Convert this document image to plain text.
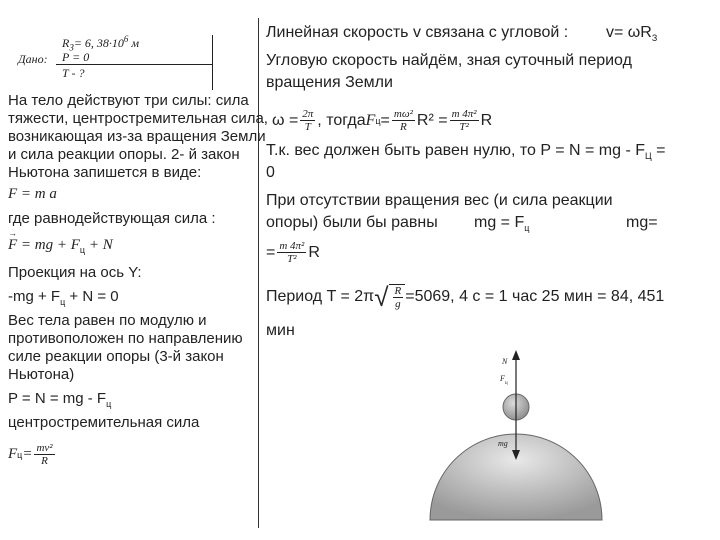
Дано:
$R_З= 6$, $38\cdot 10^6$ м
P = 0
T - ?
На тело действуют три силы: сила
тяжести, центростремительная сила,
возникающая из-за вращения Земли
и сила реакции опоры. 2- й закон
Ньютона запишется в виде:
F = m a
где равнодействующая сила :
→ F = mg + $F_ц + N$
Проекция на ось Y:
$-mg + F_ц + N = 0$
Вес тела равен по модулю и
противоположен по направлению
силе реакции опоры (3-й закон
Ньютона)
P = N = mg - $F_ц$
центростремительная сила
F $ц = \frac{\text{mv²}}{R}$
Линейная скорость v связана с угловой : $v= \omega R_З$
Угловую скорость найдём, зная суточный период
вращения Земли
$\omega = \frac{2\pi}{T}$ , тогда F $ц = \frac{\text{mω²}}{R} R^2 = \frac{\text{m 4π²}}{\text{T²}}$ R
Т.к. вес должен быть равен нулю, то P = N = mg - $F_Ц$ =
0
При отсутствии вращения вес (и сила реакции
опоры) были бы равны mg = $F_ц$	mg=
= $\frac{\text{m 4π²}}{\text{T²}}$ R
Период T = 2π √ $\frac{R}{g} =5069$, 4 с = 1 час 25 мин = 84, 451
мин
N
F
ц
mg
